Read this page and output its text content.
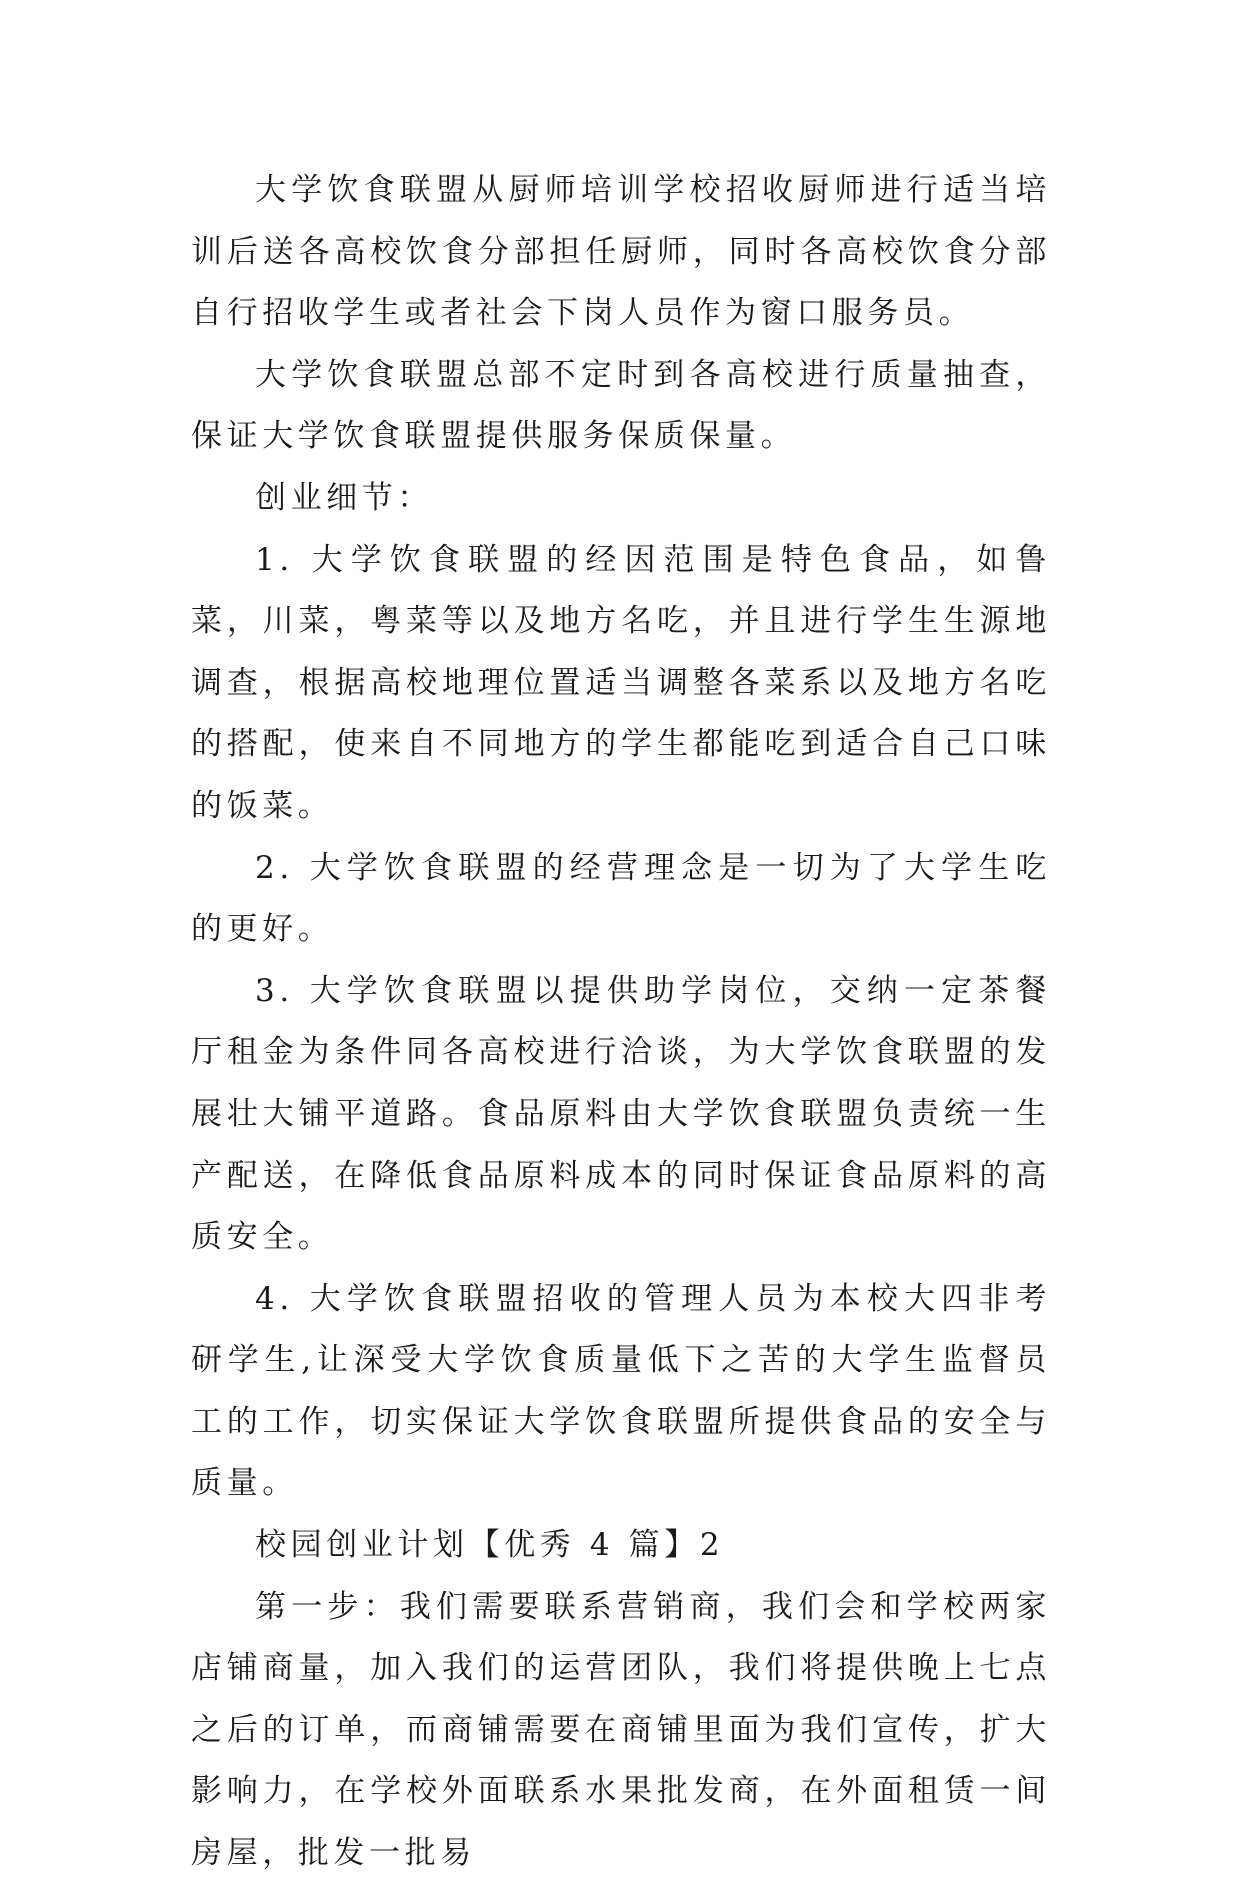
大学饮食联盟从厨师培训学校招收厨师进行适当培训后送各高校饮食分部担任厨师，同时各高校饮食分部自行招收学生或者社会下岗人员作为窗口服务员。

大学饮食联盟总部不定时到各高校进行质量抽查，保证大学饮食联盟提供服务保质保量。

创业细节：

1. 大学饮食联盟的经因范围是特色食品，如鲁菜，川菜，粤菜等以及地方名吃，并且进行学生生源地调查，根据高校地理位置适当调整各菜系以及地方名吃的搭配，使来自不同地方的学生都能吃到适合自己口味的饭菜。

2. 大学饮食联盟的经营理念是一切为了大学生吃的更好。

3. 大学饮食联盟以提供助学岗位，交纳一定茶餐厅租金为条件同各高校进行洽谈，为大学饮食联盟的发展壮大铺平道路。食品原料由大学饮食联盟负责统一生产配送，在降低食品原料成本的同时保证食品原料的高质安全。

4. 大学饮食联盟招收的管理人员为本校大四非考研学生,让深受大学饮食质量低下之苦的大学生监督员工的工作，切实保证大学饮食联盟所提供食品的安全与质量。

校园创业计划【优秀 4 篇】2

第一步：我们需要联系营销商，我们会和学校两家店铺商量，加入我们的运营团队，我们将提供晚上七点之后的订单，而商铺需要在商铺里面为我们宣传，扩大影响力，在学校外面联系水果批发商，在外面租赁一间房屋，批发一批易
